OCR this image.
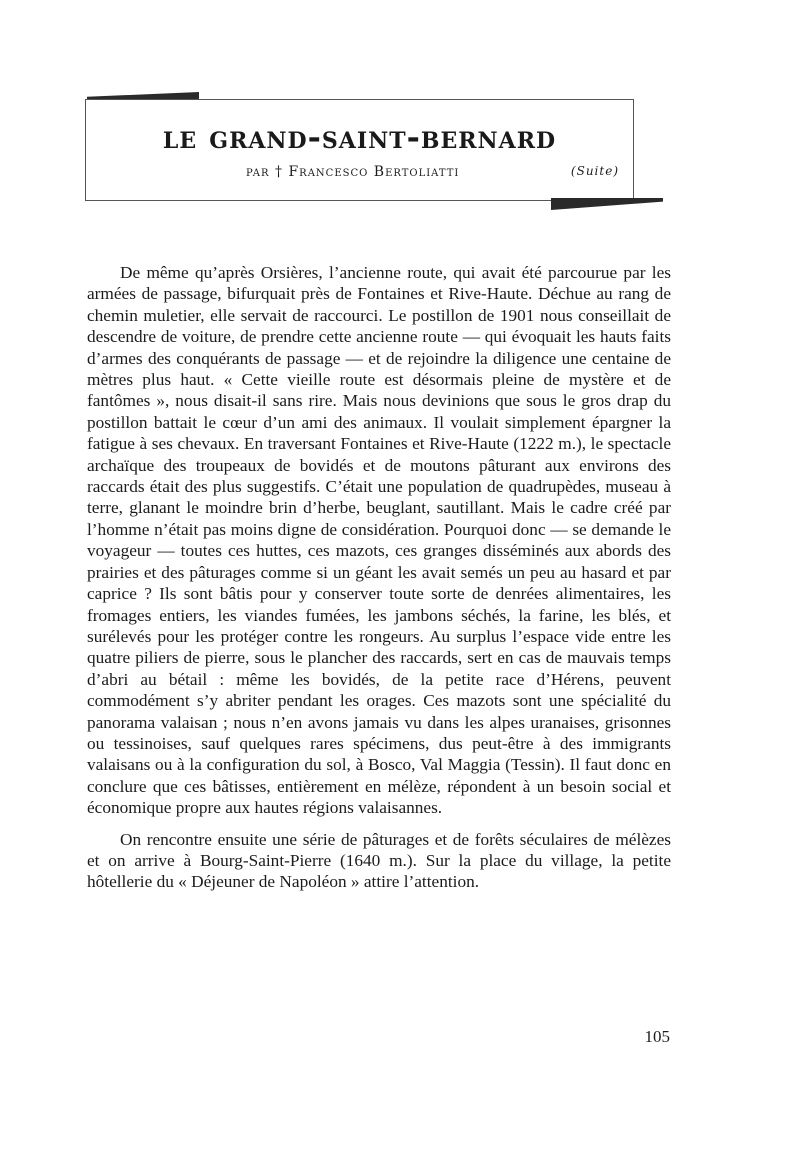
le grand-saint-bernard
par † Francesco Bertoliatti	(Suite)

De même qu’après Orsières, l’ancienne route, qui avait été parcourue par les armées de passage, bifurquait près de Fontaines et Rive-Haute. Déchue au rang de chemin muletier, elle servait de raccourci. Le postillon de 1901 nous conseillait de descendre de voiture, de prendre cette ancienne route — qui évoquait les hauts faits d’armes des conquérants de passage — et de rejoindre la diligence une centaine de mètres plus haut. « Cette vieille route est désormais pleine de mystère et de fantômes », nous disait-il sans rire. Mais nous devinions que sous le gros drap du postillon battait le cœur d’un ami des animaux. Il voulait simplement épargner la fatigue à ses chevaux. En traversant Fontaines et Rive-Haute (1222 m.), le spectacle archaïque des troupeaux de bovidés et de moutons pâturant aux environs des raccards était des plus suggestifs. C’était une population de quadrupèdes, museau à terre, glanant le moindre brin d’herbe, beuglant, sautillant. Mais le cadre créé par l’homme n’était pas moins digne de considération. Pourquoi donc — se demande le voyageur — toutes ces huttes, ces mazots, ces granges disséminés aux abords des prairies et des pâturages comme si un géant les avait semés un peu au hasard et par caprice ? Ils sont bâtis pour y conserver toute sorte de denrées alimentaires, les fromages entiers, les viandes fumées, les jambons séchés, la farine, les blés, et surélevés pour les protéger contre les rongeurs. Au surplus l’espace vide entre les quatre piliers de pierre, sous le plancher des raccards, sert en cas de mauvais temps d’abri au bétail : même les bovidés, de la petite race d’Hérens, peuvent commodément s’y abriter pendant les orages. Ces mazots sont une spécialité du panorama valaisan ; nous n’en avons jamais vu dans les alpes uranaises, grisonnes ou tessinoises, sauf quelques rares spécimens, dus peut-être à des immigrants valaisans ou à la configuration du sol, à Bosco, Val Maggia (Tessin). Il faut donc en conclure que ces bâtisses, entièrement en mélèze, répondent à un besoin social et économique propre aux hautes régions valaisannes.

On rencontre ensuite une série de pâturages et de forêts séculaires de mélèzes et on arrive à Bourg-Saint-Pierre (1640 m.). Sur la place du village, la petite hôtellerie du « Déjeuner de Napoléon » attire l’attention.

105
